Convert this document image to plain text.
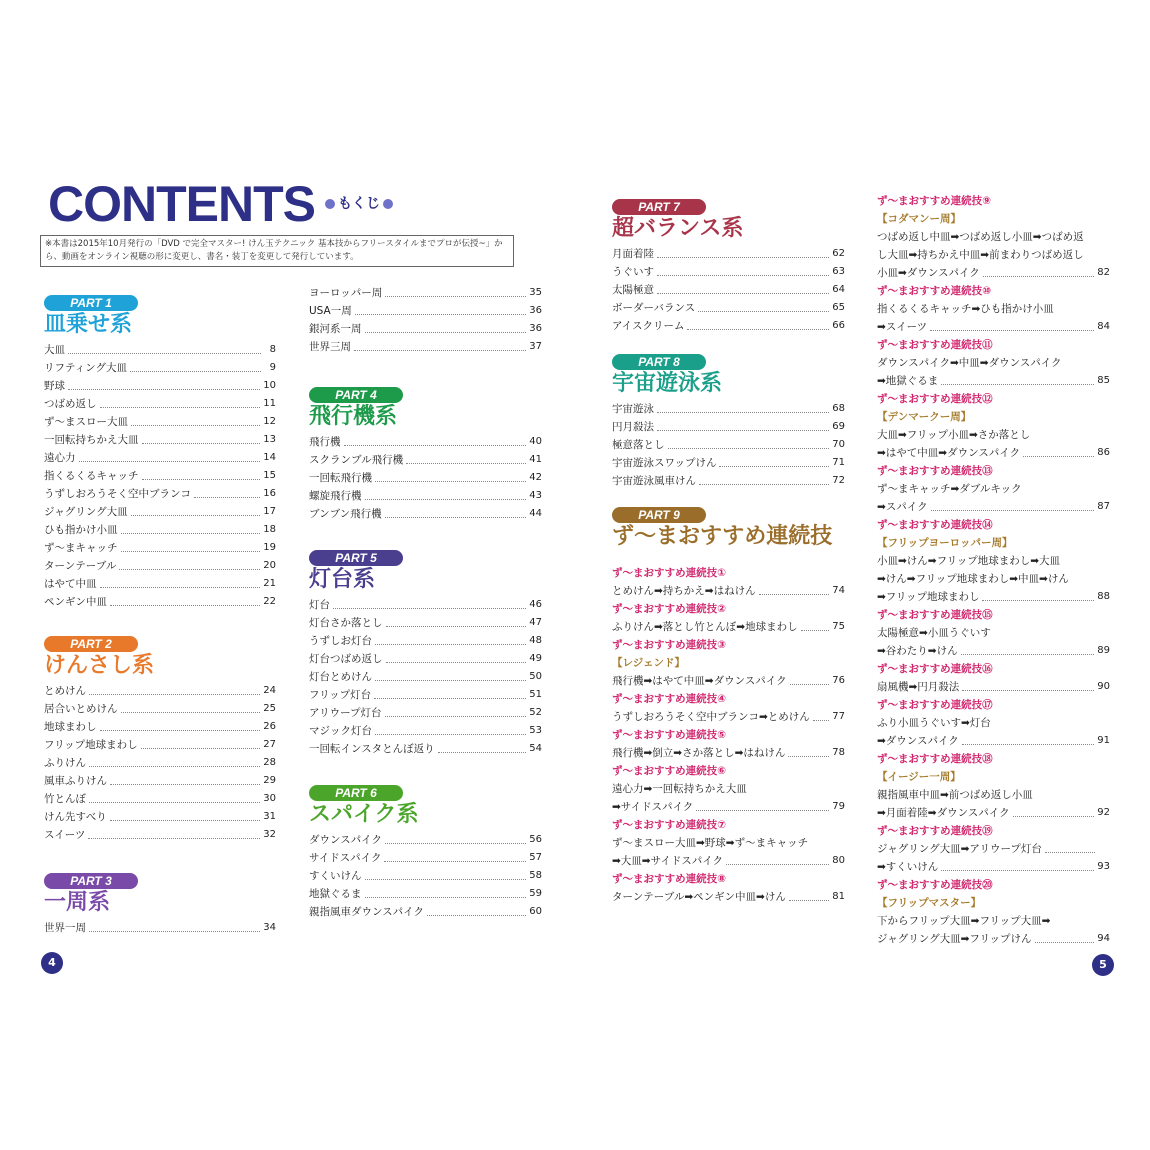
CONTENTS	もくじ
※本書は2015年10月発行の「DVD で完全マスター! けん玉テクニック 基本技からフリースタイルまでプロが伝授~」から、動画をオンライン視聴の形に変更し、書名・装丁を変更して発行しています。
PART 1
皿乗せ系
大皿	8
リフティング大皿	9
野球	10
つばめ返し	11
ず～まスロー大皿	12
一回転持ちかえ大皿	13
遠心力	14
指くるくるキャッチ	15
うずしおろうそく空中ブランコ	16
ジャグリング大皿	17
ひも指かけ小皿	18
ず～まキャッチ	19
ターンテーブル	20
はやて中皿	21
ペンギン中皿	22
PART 2
けんさし系
とめけん	24
居合いとめけん	25
地球まわし	26
フリップ地球まわし	27
ふりけん	28
風車ふりけん	29
竹とんぼ	30
けん先すべり	31
スイーツ	32
PART 3
一周系
世界一周	34
ヨーロッパー周	35
USA一周	36
銀河系一周	36
世界三周	37
PART 4
飛行機系
飛行機	40
スクランブル飛行機	41
一回転飛行機	42
螺旋飛行機	43
ブンブン飛行機	44
PART 5
灯台系
灯台	46
灯台さか落とし	47
うずしお灯台	48
灯台つばめ返し	49
灯台とめけん	50
フリップ灯台	51
アリウープ灯台	52
マジック灯台	53
一回転インスタとんぼ返り	54
PART 6
スパイク系
ダウンスパイク	56
サイドスパイク	57
すくいけん	58
地獄ぐるま	59
親指風車ダウンスパイク	60
PART 7
超バランス系
月面着陸	62
うぐいす	63
太陽極意	64
ボーダーバランス	65
アイスクリーム	66
PART 8
宇宙遊泳系
宇宙遊泳	68
円月殺法	69
極意落とし	70
宇宙遊泳スワップけん	71
宇宙遊泳風車けん	72
PART 9
ず～まおすすめ連続技
ず～まおすすめ連続技①
とめけん➡持ちかえ➡はねけん	74
ず～まおすすめ連続技②
ふりけん➡落とし竹とんぼ➡地球まわし	75
ず～まおすすめ連続技③
【レジェンド】
飛行機➡はやて中皿➡ダウンスパイク	76
ず～まおすすめ連続技④
うずしおろうそく空中ブランコ➡とめけん 77
ず～まおすすめ連続技⑤
飛行機➡倒立➡さか落とし➡はねけん	78
ず～まおすすめ連続技⑥
遠心力➡一回転持ちかえ大皿
➡サイドスパイク	79
ず～まおすすめ連続技⑦
ず～まスロー大皿➡野球➡ず～まキャッチ
➡大皿➡サイドスパイク	80
ず～まおすすめ連続技⑧
ターンテーブル➡ペンギン中皿➡けん	81
ず～まおすすめ連続技⑨
【コダマンー周】
つばめ返し中皿➡つばめ返し小皿➡つばめ返
し大皿➡持ちかえ中皿➡前まわりつばめ返し
小皿➡ダウンスパイク	82
ず～まおすすめ連続技⑩
指くるくるキャッチ➡ひも指かけ小皿
➡スイーツ	84
ず～まおすすめ連続技⑪
ダウンスパイク➡中皿➡ダウンスパイク
➡地獄ぐるま	85
ず～まおすすめ連続技⑫
【デンマークー周】
大皿➡フリップ小皿➡さか落とし
➡はやて中皿➡ダウンスパイク	86
ず～まおすすめ連続技⑬
ず～まキャッチ➡ダブルキック
➡スパイク	87
ず～まおすすめ連続技⑭
【フリップヨーロッパー周】
小皿➡けん➡フリップ地球まわし➡大皿
➡けん➡フリップ地球まわし➡中皿➡けん
➡フリップ地球まわし	88
ず～まおすすめ連続技⑮
太陽極意➡小皿うぐいす
➡谷わたり➡けん	89
ず～まおすすめ連続技⑯
扇風機➡円月殺法	90
ず～まおすすめ連続技⑰
ふり小皿うぐいす➡灯台
➡ダウンスパイク	91
ず～まおすすめ連続技⑱
【イージー一周】
親指風車中皿➡前つばめ返し小皿
➡月面着陸➡ダウンスパイク	92
ず～まおすすめ連続技⑲
ジャグリング大皿➡アリウープ灯台
➡すくいけん	93
ず～まおすすめ連続技⑳
【フリップマスター】
下からフリップ大皿➡フリップ大皿➡
ジャグリング大皿➡フリップけん	94
4	5
